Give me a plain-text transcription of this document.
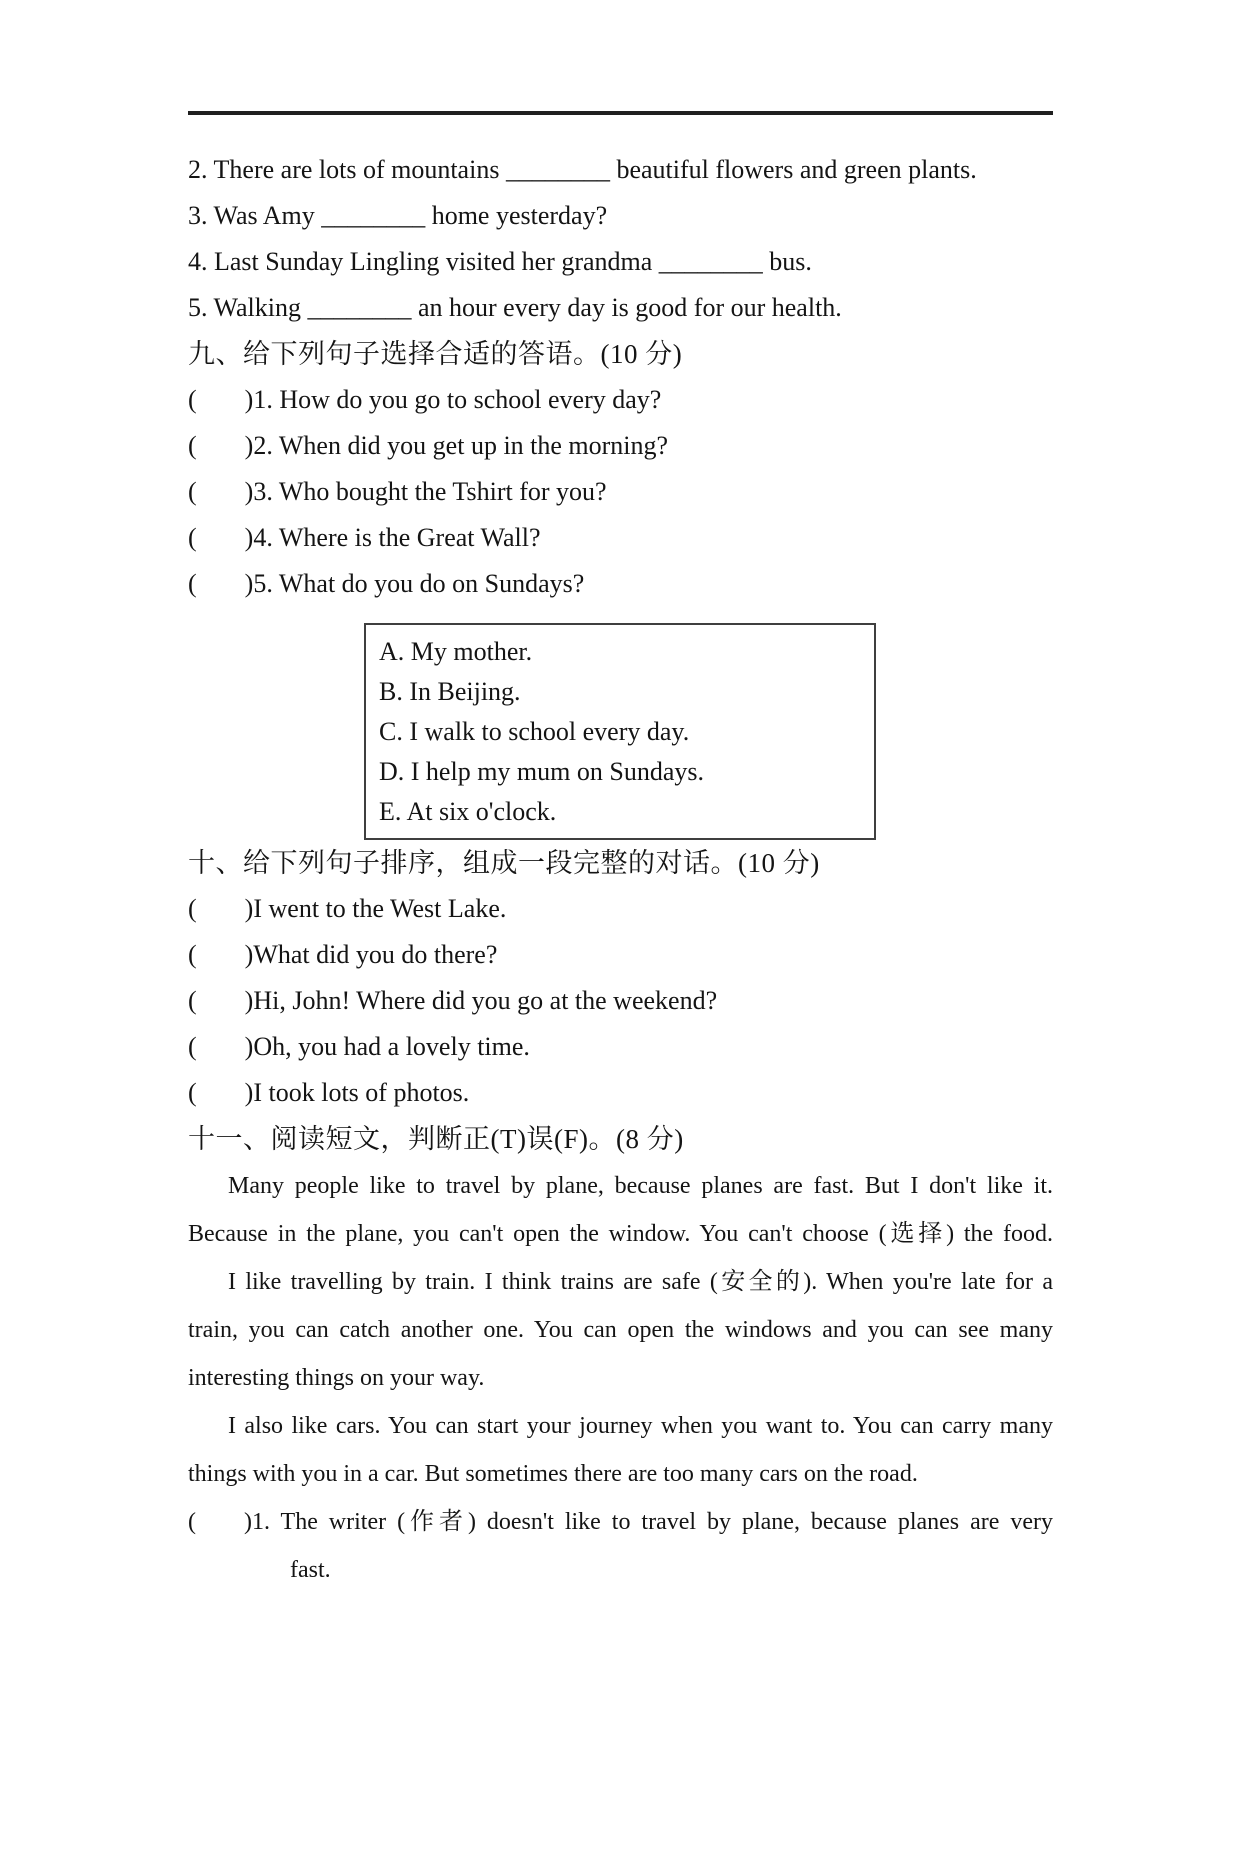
2. There are lots of mountains ________ beautiful flowers and green plants.
3. Was Amy ________ home yesterday?
4. Last Sunday Lingling visited her grandma ________ bus.
5. Walking ________ an hour every day is good for our health.
九、给下列句子选择合适的答语。(10 分)
( )1. How do you go to school every day?
( )2. When did you get up in the morning?
( )3. Who bought the Tshirt for you?
( )4. Where is the Great Wall?
( )5. What do you do on Sundays?
A. My mother.
B. In Beijing.
C. I walk to school every day.
D. I help my mum on Sundays.
E. At six o'clock.
十、给下列句子排序，组成一段完整的对话。(10 分)
( )I went to the West Lake.
( )What did you do there?
( )Hi, John! Where did you go at the weekend?
( )Oh, you had a lovely time.
( )I took lots of photos.
十一、阅读短文，判断正(T)误(F)。(8 分)
Many people like to travel by plane, because planes are fast. But I don't like it.
Because in the plane, you can't open the window. You can't choose (选择) the food.
I like travelling by train. I think trains are safe (安全的). When you're late for a
train, you can catch another one. You can open the windows and you can see many
interesting things on your way.
I also like cars. You can start your journey when you want to. You can carry many
things with you in a car. But sometimes there are too many cars on the road.
( )1. The writer (作者) doesn't like to travel by plane, because planes are very
fast.
